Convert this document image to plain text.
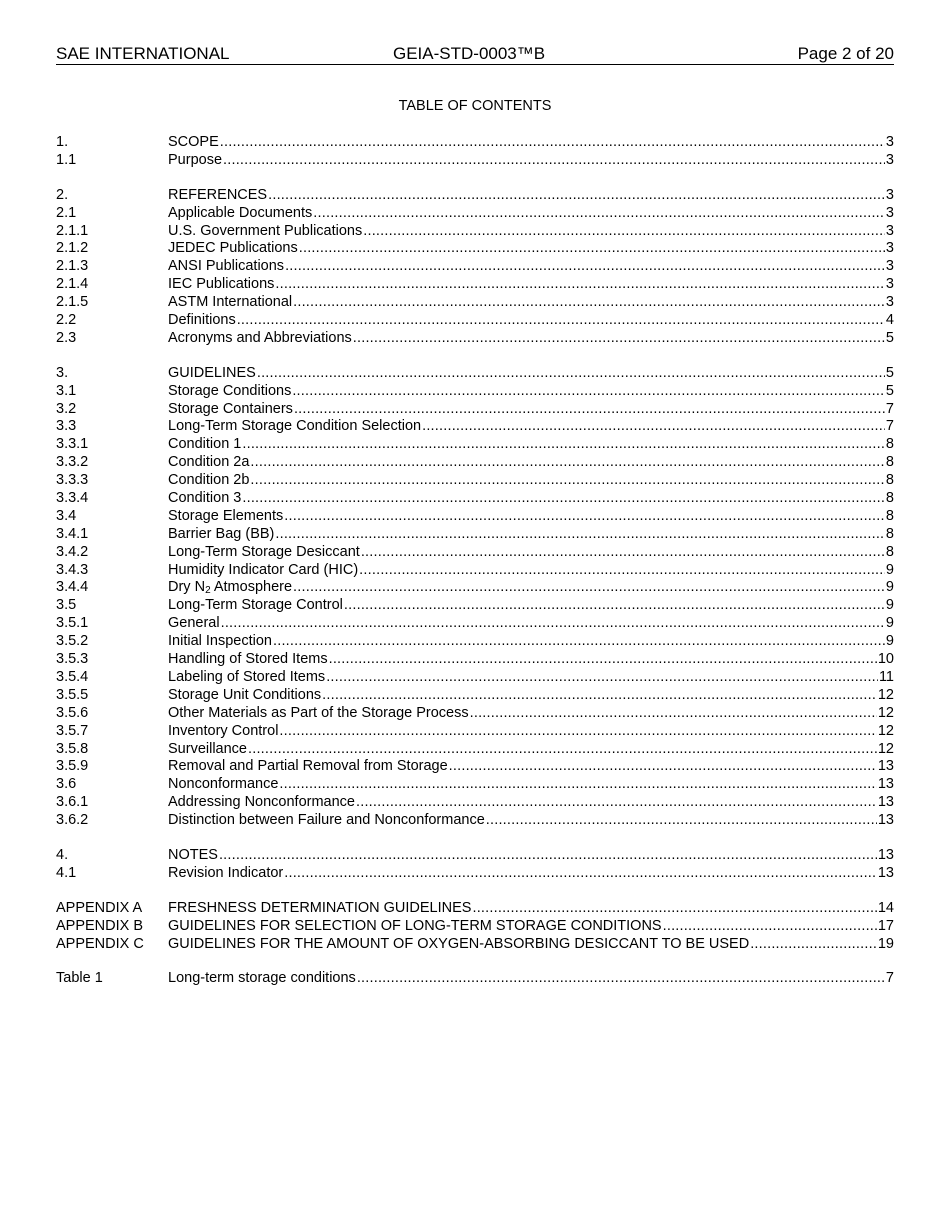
SAE INTERNATIONAL	GEIA-STD-0003™B	Page 2 of 20
TABLE OF CONTENTS
1.	SCOPE .....	3
1.1	Purpose .....	3
2.	REFERENCES .....	3
2.1	Applicable Documents .....	3
2.1.1	U.S. Government Publications .....	3
2.1.2	JEDEC Publications .....	3
2.1.3	ANSI Publications .....	3
2.1.4	IEC Publications .....	3
2.1.5	ASTM International .....	3
2.2	Definitions .....	4
2.3	Acronyms and Abbreviations .....	5
3.	GUIDELINES .....	5
3.1	Storage Conditions .....	5
3.2	Storage Containers .....	7
3.3	Long-Term Storage Condition Selection .....	7
3.3.1	Condition 1 .....	8
3.3.2	Condition 2a .....	8
3.3.3	Condition 2b .....	8
3.3.4	Condition 3 .....	8
3.4	Storage Elements .....	8
3.4.1	Barrier Bag (BB) .....	8
3.4.2	Long-Term Storage Desiccant .....	8
3.4.3	Humidity Indicator Card (HIC) .....	9
3.4.4	Dry $N_2$ Atmosphere .....	9
3.5	Long-Term Storage Control .....	9
3.5.1	General .....	9
3.5.2	Initial Inspection .....	9
3.5.3	Handling of Stored Items .....	10
3.5.4	Labeling of Stored Items .....	11
3.5.5	Storage Unit Conditions .....	12
3.5.6	Other Materials as Part of the Storage Process .....	12
3.5.7	Inventory Control .....	12
3.5.8	Surveillance .....	12
3.5.9	Removal and Partial Removal from Storage .....	13
3.6	Nonconformance .....	13
3.6.1	Addressing Nonconformance .....	13
3.6.2	Distinction between Failure and Nonconformance .....	13
4.	NOTES .....	13
4.1	Revision Indicator .....	13
APPENDIX A	FRESHNESS DETERMINATION GUIDELINES .....	14
APPENDIX B	GUIDELINES FOR SELECTION OF LONG-TERM STORAGE CONDITIONS .....	17
APPENDIX C	GUIDELINES FOR THE AMOUNT OF OXYGEN-ABSORBING DESICCANT TO BE USED .....	19
Table 1	Long-term storage conditions .....	7
